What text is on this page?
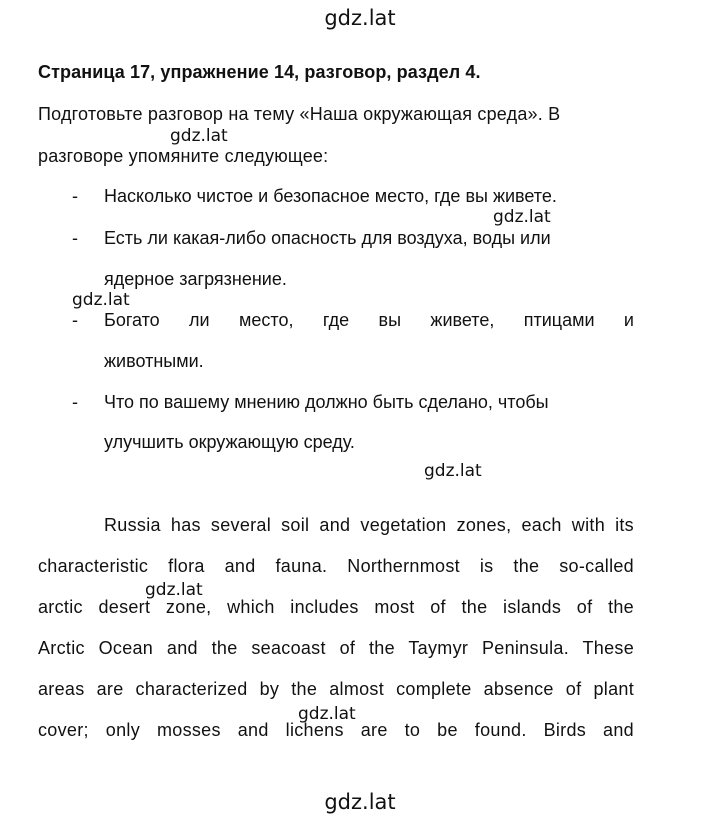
gdz.lat
Страница 17, упражнение 14, разговор, раздел 4.
Подготовьте разговор на тему «Наша окружающая среда». В
gdz.lat
разговоре упомяните следующее:
- Насколько чистое и безопасное место, где вы живете.
gdz.lat
- Есть ли какая-либо опасность для воздуха, воды или
ядерное загрязнение.
gdz.lat
- Богато ли место, где вы живете, птицами и
животными.
- Что по вашему мнению должно быть сделано, чтобы
улучшить окружающую среду.
gdz.lat
Russia has several soil and vegetation zones, each with its
characteristic flora and fauna. Northernmost is the so-called
gdz.lat
arctic desert zone, which includes most of the islands of the
Arctic Ocean and the seacoast of the Taymyr Peninsula. These
areas are characterized by the almost complete absence of plant
gdz.lat
cover; only mosses and lichens are to be found. Birds and
gdz.lat
